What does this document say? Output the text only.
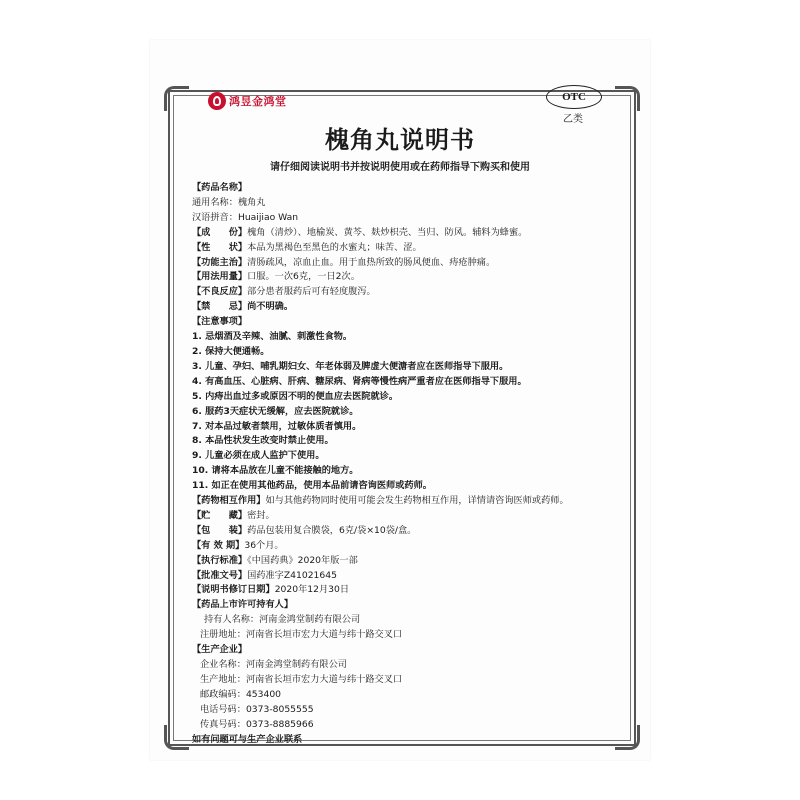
鸿昱金鸿堂	OTC
乙类
槐角丸说明书
请仔细阅读说明书并按说明使用或在药师指导下购买和使用
【药品名称】
通用名称：槐角丸
汉语拼音：Huaijiao Wan
【成　　份】槐角（清炒）、地榆炭、黄芩、麸炒枳壳、当归、防风。辅料为蜂蜜。
【性　　状】本品为黑褐色至黑色的水蜜丸；味苦、涩。
【功能主治】清肠疏风，凉血止血。用于血热所致的肠风便血、痔疮肿痛。
【用法用量】口服。一次6克，一日2次。
【不良反应】部分患者服药后可有轻度腹泻。
【禁　　忌】尚不明确。
【注意事项】
1. 忌烟酒及辛辣、油腻、刺激性食物。
2. 保持大便通畅。
3. 儿童、孕妇、哺乳期妇女、年老体弱及脾虚大便溏者应在医师指导下服用。
4. 有高血压、心脏病、肝病、糖尿病、肾病等慢性病严重者应在医师指导下服用。
5. 内痔出血过多或原因不明的便血应去医院就诊。
6. 服药3天症状无缓解，应去医院就诊。
7. 对本品过敏者禁用，过敏体质者慎用。
8. 本品性状发生改变时禁止使用。
9. 儿童必须在成人监护下使用。
10. 请将本品放在儿童不能接触的地方。
11. 如正在使用其他药品，使用本品前请咨询医师或药师。
【药物相互作用】如与其他药物同时使用可能会发生药物相互作用，详情请咨询医师或药师。
【贮　　藏】密封。
【包　　装】药品包装用复合膜袋，6克/袋×10袋/盒。
【有 效 期】36个月。
【执行标准】《中国药典》2020年版一部
【批准文号】国药准字Z41021645
【说明书修订日期】2020年12月30日
【药品上市许可持有人】
持有人名称：河南金鸿堂制药有限公司
注册地址：河南省长垣市宏力大道与纬十路交叉口
【生产企业】
企业名称：河南金鸿堂制药有限公司
生产地址：河南省长垣市宏力大道与纬十路交叉口
邮政编码：453400
电话号码：0373-8055555
传真号码：0373-8885966
如有问题可与生产企业联系
